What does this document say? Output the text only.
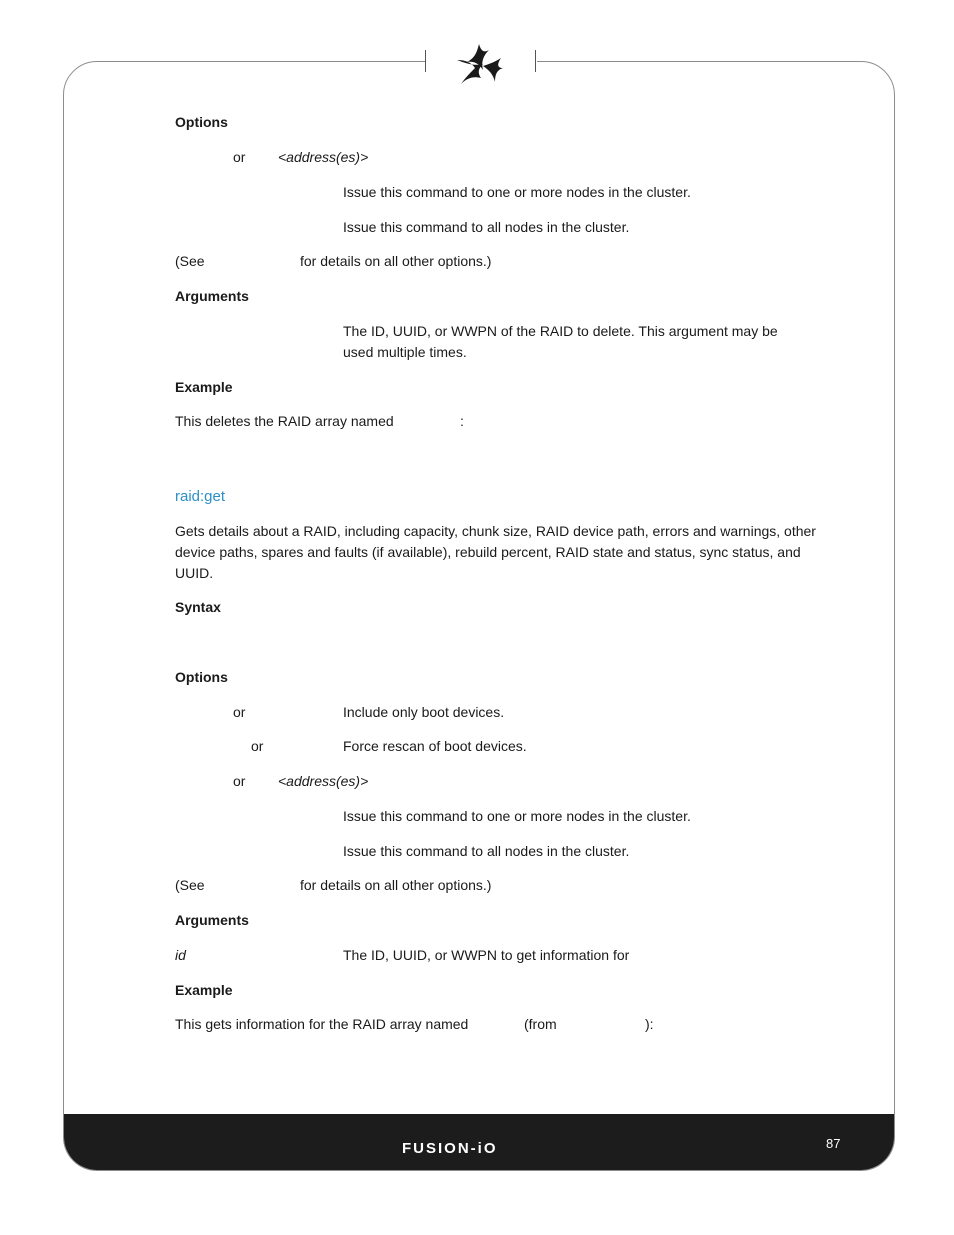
Options
or <address(es)>
Issue this command to one or more nodes in the cluster.
Issue this command to all nodes in the cluster.
(See	for details on all other options.)
Arguments
The ID, UUID, or WWPN of the RAID to delete. This argument may be
used multiple times.
Example
This deletes the RAID array named	:
raid:get
Gets details about a RAID, including capacity, chunk size, RAID device path, errors and warnings, other device paths, spares and faults (if available), rebuild percent, RAID state and status, sync status, and UUID.
Syntax
Options
or	Include only boot devices.
or	Force rescan of boot devices.
or <address(es)>
Issue this command to one or more nodes in the cluster.
Issue this command to all nodes in the cluster.
(See	for details on all other options.)
Arguments
id	The ID, UUID, or WWPN to get information for
Example
This gets information for the RAID array named	(from	):
FUSION-iO	87
